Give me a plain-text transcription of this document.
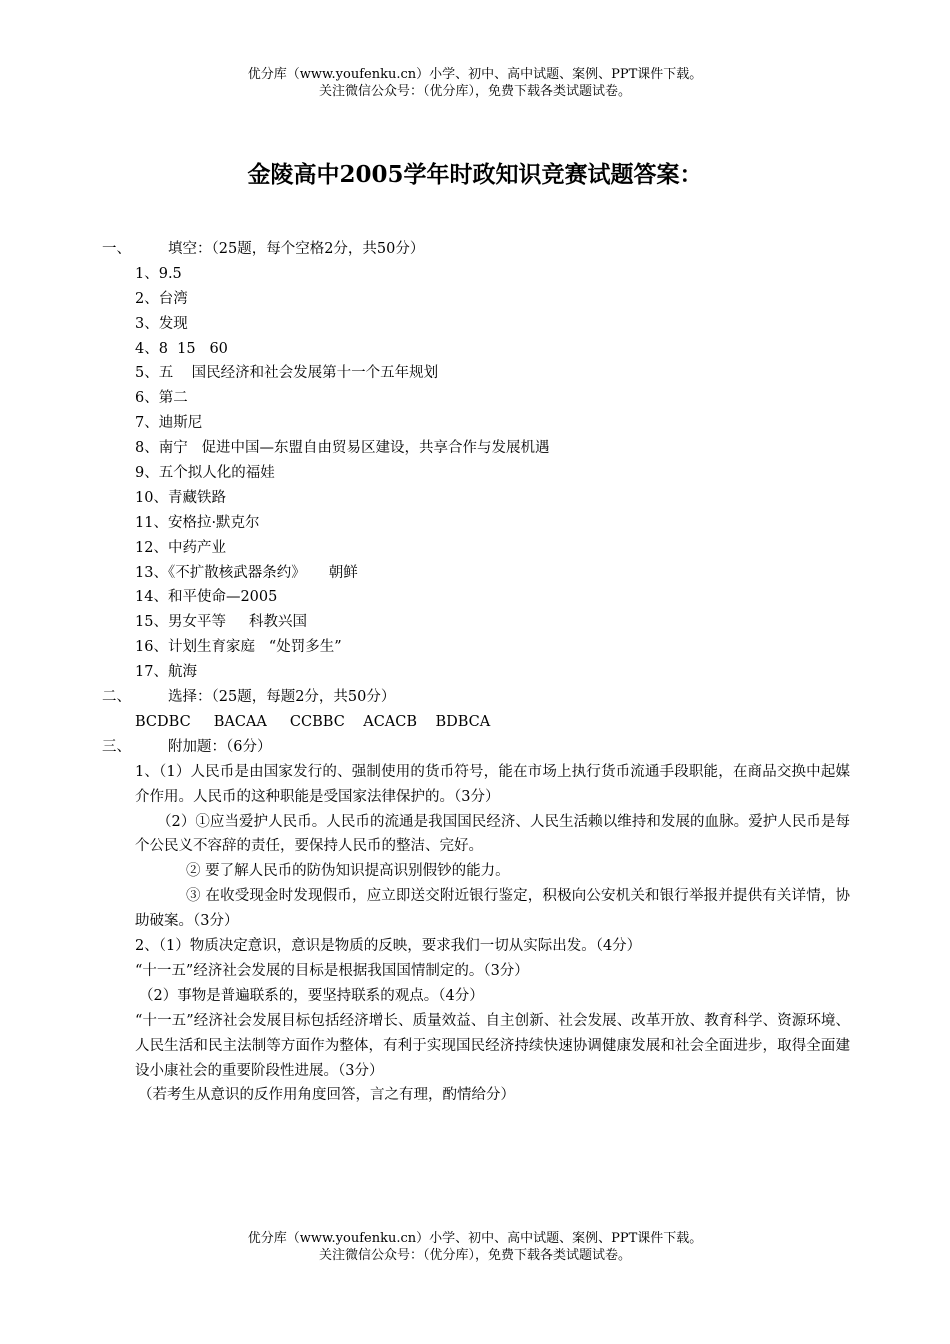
优分库（www.youfenku.cn）小学、初中、高中试题、案例、PPT课件下载。
关注微信公众号：（优分库），免费下载各类试题试卷。
金陵高中2005学年时政知识竞赛试题答案：
一、	填空：（25题，每个空格2分，共50分）
1、9.5
2、台湾
3、发现
4、8  15   60
5、五    国民经济和社会发展第十一个五年规划
6、第二
7、迪斯尼
8、南宁   促进中国—东盟自由贸易区建设，共享合作与发展机遇
9、五个拟人化的福娃
10、青藏铁路
11、安格拉·默克尔
12、中药产业
13、《不扩散核武器条约》     朝鲜
14、和平使命—2005
15、男女平等     科教兴国
16、计划生育家庭   “处罚多生”
17、航海
二、	选择：（25题，每题2分，共50分）
BCDBC     BACAA     CCBBC    ACACB    BDBCA
三、	附加题：（6分）
1、（1）人民币是由国家发行的、强制使用的货币符号，能在市场上执行货币流通手段职能，在商品交换中起媒介作用。人民币的这种职能是受国家法律保护的。（3分）
（2）①应当爱护人民币。人民币的流通是我国国民经济、人民生活赖以维持和发展的血脉。爱护人民币是每个公民义不容辞的责任，要保持人民币的整洁、完好。
② 要了解人民币的防伪知识提高识别假钞的能力。
③ 在收受现金时发现假币，应立即送交附近银行鉴定，积极向公安机关和银行举报并提供有关详情，协助破案。（3分）
2、（1）物质决定意识，意识是物质的反映，要求我们一切从实际出发。（4分）
“十一五”经济社会发展的目标是根据我国国情制定的。（3分）
（2）事物是普遍联系的，要坚持联系的观点。（4分）
“十一五”经济社会发展目标包括经济增长、质量效益、自主创新、社会发展、改革开放、教育科学、资源环境、人民生活和民主法制等方面作为整体，有利于实现国民经济持续快速协调健康发展和社会全面进步，取得全面建设小康社会的重要阶段性进展。（3分）
（若考生从意识的反作用角度回答，言之有理，酌情给分）
优分库（www.youfenku.cn）小学、初中、高中试题、案例、PPT课件下载。
关注微信公众号：（优分库），免费下载各类试题试卷。
